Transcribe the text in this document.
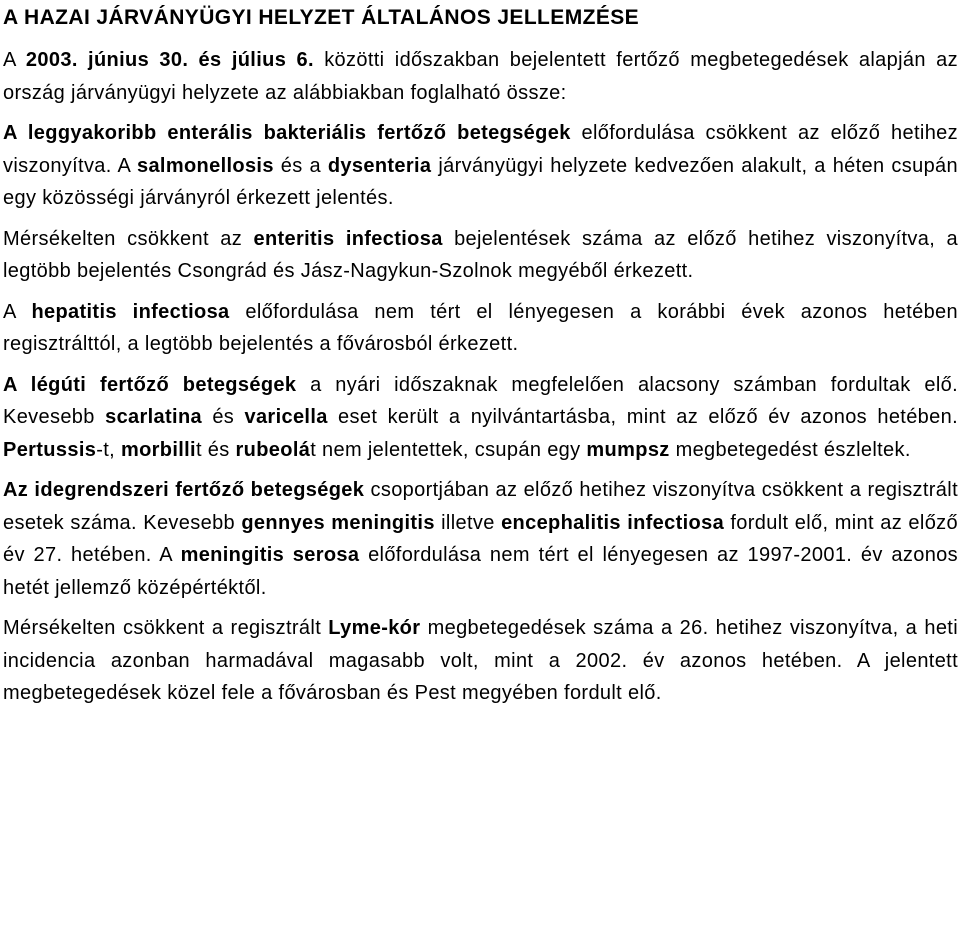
A HAZAI JÁRVÁNYÜGYI HELYZET ÁLTALÁNOS JELLEMZÉSE

A 2003. június 30. és július 6. közötti időszakban bejelentett fertőző megbetegedések alapján az ország járványügyi helyzete az alábbiakban foglalható össze:

A leggyakoribb enterális bakteriális fertőző betegségek előfordulása csökkent az előző hetihez viszonyítva. A salmonellosis és a dysenteria járványügyi helyzete kedvezően alakult, a héten csupán egy közösségi járványról érkezett jelentés.

Mérsékelten csökkent az enteritis infectiosa bejelentések száma az előző hetihez viszonyítva, a legtöbb bejelentés Csongrád és Jász-Nagykun-Szolnok megyéből érkezett.

A hepatitis infectiosa előfordulása nem tért el lényegesen a korábbi évek azonos hetében regisztrálttól, a legtöbb bejelentés a fővárosból érkezett.

A légúti fertőző betegségek a nyári időszaknak megfelelően alacsony számban fordultak elő. Kevesebb scarlatina és varicella eset került a nyilvántartásba, mint az előző év azonos hetében. Pertussis-t, morbillit és rubeolát nem jelentettek, csupán egy mumpsz megbetegedést észleltek.

Az idegrendszeri fertőző betegségek csoportjában az előző hetihez viszonyítva csökkent a regisztrált esetek száma. Kevesebb gennyes meningitis illetve encephalitis infectiosa fordult elő, mint az előző év 27. hetében. A meningitis serosa előfordulása nem tért el lényegesen az 1997-2001. év azonos hetét jellemző középértéktől.

Mérsékelten csökkent a regisztrált Lyme-kór megbetegedések száma a 26. hetihez viszonyítva, a heti incidencia azonban harmadával magasabb volt, mint a 2002. év azonos hetében. A jelentett megbetegedések közel fele a fővárosban és Pest megyében fordult elő.
